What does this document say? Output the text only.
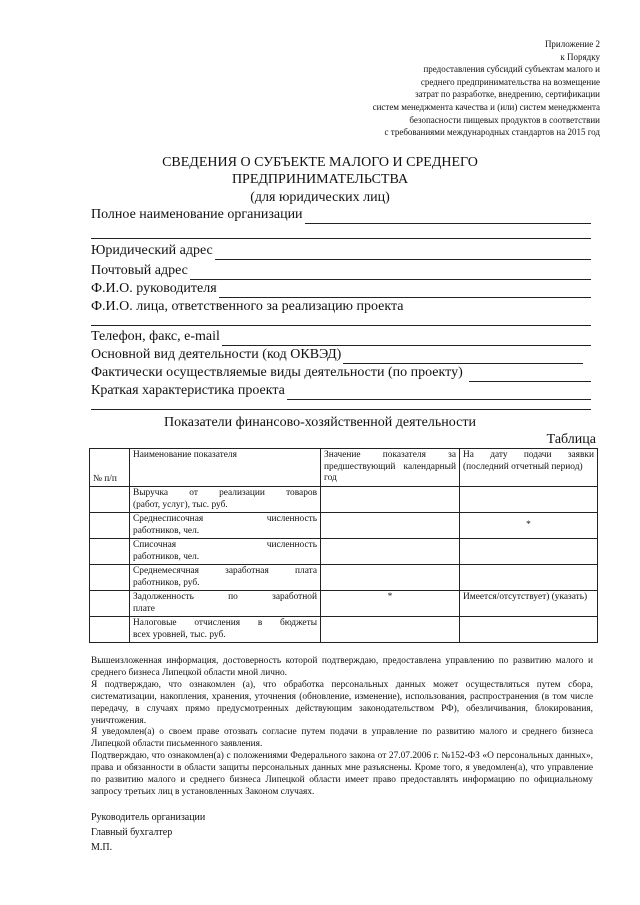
Приложение 2
к Порядку
предоставления субсидий субъектам малого и
среднего предпринимательства на возмещение
затрат по разработке, внедрению, сертификации
систем менеджмента качества и (или) систем менеджмента
безопасности пищевых продуктов в соответствии
с требованиями международных стандартов на 2015 год
СВЕДЕНИЯ О СУБЪЕКТЕ МАЛОГО И СРЕДНЕГО
ПРЕДПРИНИМАТЕЛЬСТВА
(для юридических лиц)
Полное наименование организации
Юридический адрес
Почтовый адрес
Ф.И.О. руководителя
Ф.И.О. лица, ответственного за реализацию проекта
Телефон, факс, e-mail
Основной вид деятельности (код ОКВЭД)
Фактически осуществляемые виды деятельности (по проекту)
Краткая характеристика проекта
Показатели финансово-хозяйственной деятельности
Таблица
№ п/п	Наименование показателя	Значение показателя за предшествующий календарный год	На дату подачи заявки (последний отчетный период)

	Выручка от реализации товаров
(работ, услуг), тыс. руб.		

	Среднесписочная численность
работников, чел.		*
	Списочная численность
работников, чел.		

	Среднемесячная заработная плата
работников, руб.		

	Задолженность по заработной
плате	*	Имеется/отсутствует) (указать)
	Налоговые отчисления в бюджеты
всех уровней, тыс. руб.		

Вышеизложенная информация, достоверность которой подтверждаю, предоставлена управлению по развитию малого и среднего бизнеса Липецкой области мной лично.

Я подтверждаю, что ознакомлен (а), что обработка персональных данных может осуществляться путем сбора, систематизации, накопления, хранения, уточнения (обновление, изменение), использования, распространения (в том числе передачу, в случаях прямо предусмотренных действующим законодательством РФ), обезличивания, блокирования, уничтожения.

Я уведомлен(а) о своем праве отозвать согласие путем подачи в управление по развитию малого и среднего бизнеса Липецкой области письменного заявления.

Подтверждаю, что ознакомлен(а) с положениями Федерального закона от 27.07.2006 г. №152-ФЗ «О персональных данных», права и обязанности в области защиты персональных данных мне разъяснены. Кроме того, я уведомлен(а), что управление по развитию малого и среднего бизнеса Липецкой области имеет право предоставлять информацию по официальному запросу третьих лиц в установленных Законом случаях.

Руководитель организации
Главный бухгалтер
М.П.
